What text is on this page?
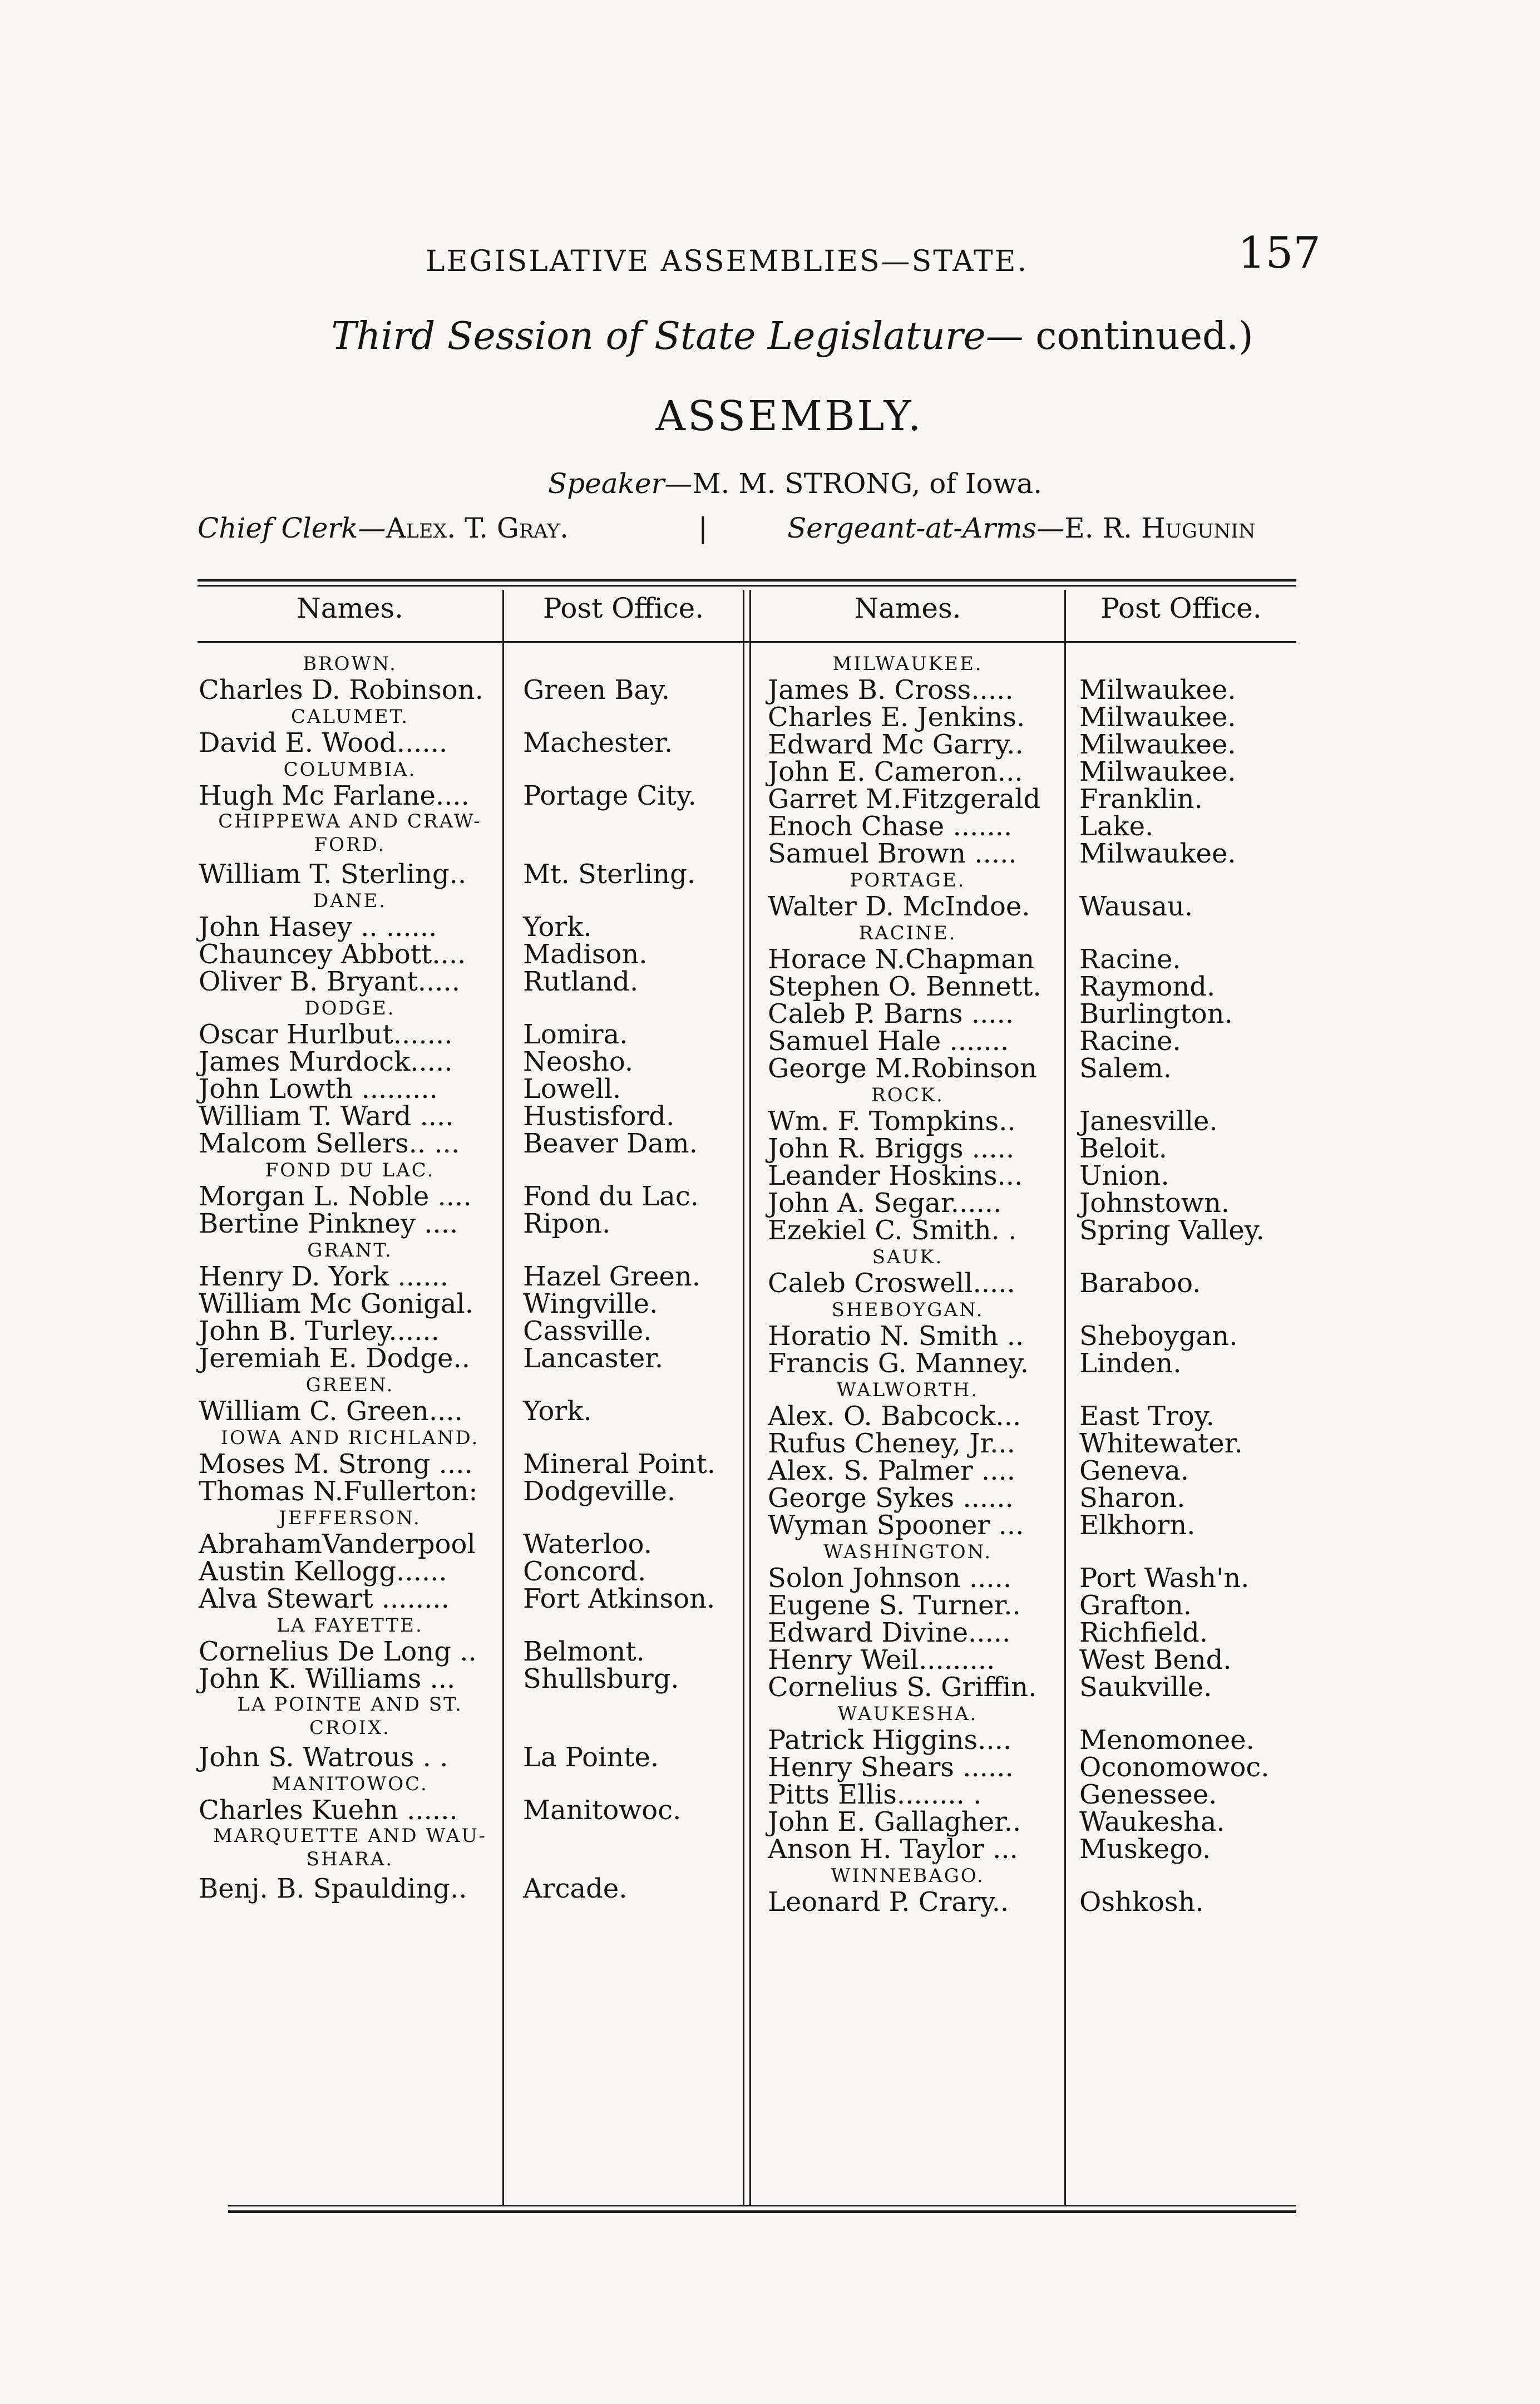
LEGISLATIVE ASSEMBLIES—STATE.	157
Third Session of State Legislature— continued.)
ASSEMBLY.
Speaker—M. M. STRONG, of Iowa.
Chief Clerk—Alex. T. Gray.	|	Sergeant-at-Arms—E. R. Hugunin
Names.	Post Office.	Names.	Post Office.
BROWN.
Charles D. Robinson. Green Bay.
CALUMET.
David E. Wood......	Machester.
COLUMBIA.
Hugh Mc Farlane.... Portage City.
CHIPPEWA AND CRAW-FORD.
William T. Sterling.. Mt. Sterling.
DANE.
John Hasey .. ......	York.
Chauncey Abbott.... Madison.
Oliver B. Bryant..... Rutland.
DODGE.
Oscar Hurlbut.......	Lomira.
James Murdock.....	Neosho.
John Lowth .........	Lowell.
William T. Ward ....	Hustisford.
Malcom Sellers.. ... Beaver Dam.
FOND DU LAC.
Morgan L. Noble .... Fond du Lac.
Bertine Pinkney .... Ripon.
GRANT.
Henry D. York ......	Hazel Green.
William Mc Gonigal. Wingville.
John B. Turley......	Cassville.
Jeremiah E. Dodge.. Lancaster.
GREEN.
William C. Green.... York.
IOWA AND RICHLAND.
Moses M. Strong .... Mineral Point.
Thomas N.Fullerton: Dodgeville.
JEFFERSON.
AbrahamVanderpool Waterloo.
Austin Kellogg......	Concord.
Alva Stewart ........	Fort Atkinson.
LA FAYETTE.
Cornelius De Long .. Belmont.
John K. Williams ...	Shullsburg.
LA POINTE AND ST. CROIX.
John S. Watrous . .	La Pointe.
MANITOWOC.
Charles Kuehn ...... Manitowoc.
MARQUETTE AND WAU-SHARA.
Benj. B. Spaulding.. Arcade.
MILWAUKEE.
James B. Cross..... Milwaukee.
Charles E. Jenkins. Milwaukee.
Edward Mc Garry.. Milwaukee.
John E. Cameron... Milwaukee.
Garret M.Fitzgerald Franklin.
Enoch Chase .......	Lake.
Samuel Brown ..... Milwaukee.
PORTAGE.
Walter D. McIndoe. Wausau.
RACINE.
Horace N.Chapman Racine.
Stephen O. Bennett. Raymond.
Caleb P. Barns ..... Burlington.
Samuel Hale .......	Racine.
George M.Robinson Salem.
ROCK.
Wm. F. Tompkins.. Janesville.
John R. Briggs ..... Beloit.
Leander Hoskins... Union.
John A. Segar......	Johnstown.
Ezekiel C. Smith. . Spring Valley.
SAUK.
Caleb Croswell..... Baraboo.
SHEBOYGAN.
Horatio N. Smith .. Sheboygan.
Francis G. Manney. Linden.
WALWORTH.
Alex. O. Babcock... East Troy.
Rufus Cheney, Jr... Whitewater.
Alex. S. Palmer .... Geneva.
George Sykes ...... Sharon.
Wyman Spooner ... Elkhorn.
WASHINGTON.
Solon Johnson .....	Port Wash'n.
Eugene S. Turner.. Grafton.
Edward Divine.....	Richfield.
Henry Weil.........	West Bend.
Cornelius S. Griffin. Saukville.
WAUKESHA.
Patrick Higgins....	Menomonee.
Henry Shears ...... Oconomowoc.
Pitts Ellis........ .	Genessee.
John E. Gallagher.. Waukesha.
Anson H. Taylor ... Muskego.
WINNEBAGO.
Leonard P. Crary..	Oshkosh.
